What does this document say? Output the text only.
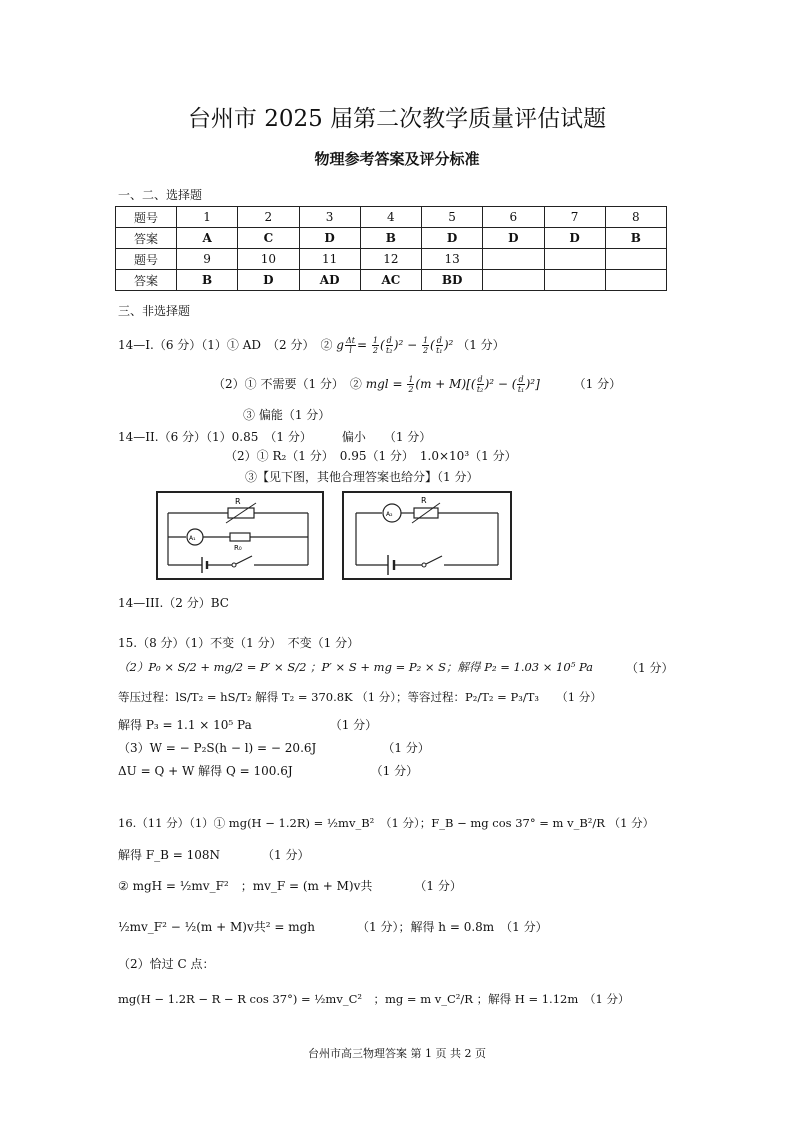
台州市 2025 届第二次教学质量评估试题
物理参考答案及评分标准
一、二、选择题
题号	1	2	3	4	5	6	7	8
答案	A	C	D	B	D	D	D	B
题号	9	10	11	12	13			
答案	B	D	AD	AC	BD			
三、非选择题
14—I.（6 分）（1）① AD　（2 分）　② g $\frac{\Delta t}{l} = \frac{1}{2}$ ( $\frac{d}{\text{t₂}} )^2 - \frac{1}{2}$ ( $\frac{d}{\text{t₁}} )^2$ （1 分）
（2）① 不需要（1 分）　② mgl = $\frac{1}{2} (m + M)[( \frac{d}{\text{t₂}} )^2$ − ( $\frac{d}{\text{t₁}} )^2$]	（1 分）
③ 偏能（1 分）
14—II.（6 分）（1）0.85　（1 分）　　　偏小　　（1 分）
（2）① R₂（1 分）　0.95（1 分）　1.0×10³（1 分）
③【见下图，其他合理答案也给分】（1 分）
R
A₁
R₀
R
A₂
14—III.（2 分）BC
15.（8 分）（1）不变（1 分）　不变（1 分）
（2）P₀ × S/2 + mg/2 = P′ × S/2 ；P′ × S + mg = P₂ × S；解得 P₂ = 1.03 × 10⁵ Pa	（1 分）
等压过程：lS/T₂ = hS/T₂ 解得 T₂ = 370.8K （1 分）；等容过程：P₂/T₂ = P₃/T₃　　（1 分）
解得 P₃ = 1.1 × 10⁵ Pa　　　　　　　（1 分）
（3）W = − P₂S(h − l) = − 20.6J　　　　　　（1 分）
ΔU = Q + W 解得 Q = 100.6J　　　　　　　（1 分）
16.（11 分）（1）① mg(H − 1.2R) = ½mv_B²　（1 分）；F_B − mg cos 37° = m v_B²/R （1 分）
解得 F_B = 108N　　　　（1 分）
② mgH = ½mv_F²　；mv_F = (m + M)v共　　　　（1 分）
½mv_F² − ½(m + M)v共² = mgh　　　　（1 分）；解得 h = 0.8m　（1 分）
（2）恰过 C 点：
mg(H − 1.2R − R − R cos 37°) = ½mv_C²　；mg = m v_C²/R ；解得 H = 1.12m　（1 分）
台州市高三物理答案 第 1 页 共 2 页
